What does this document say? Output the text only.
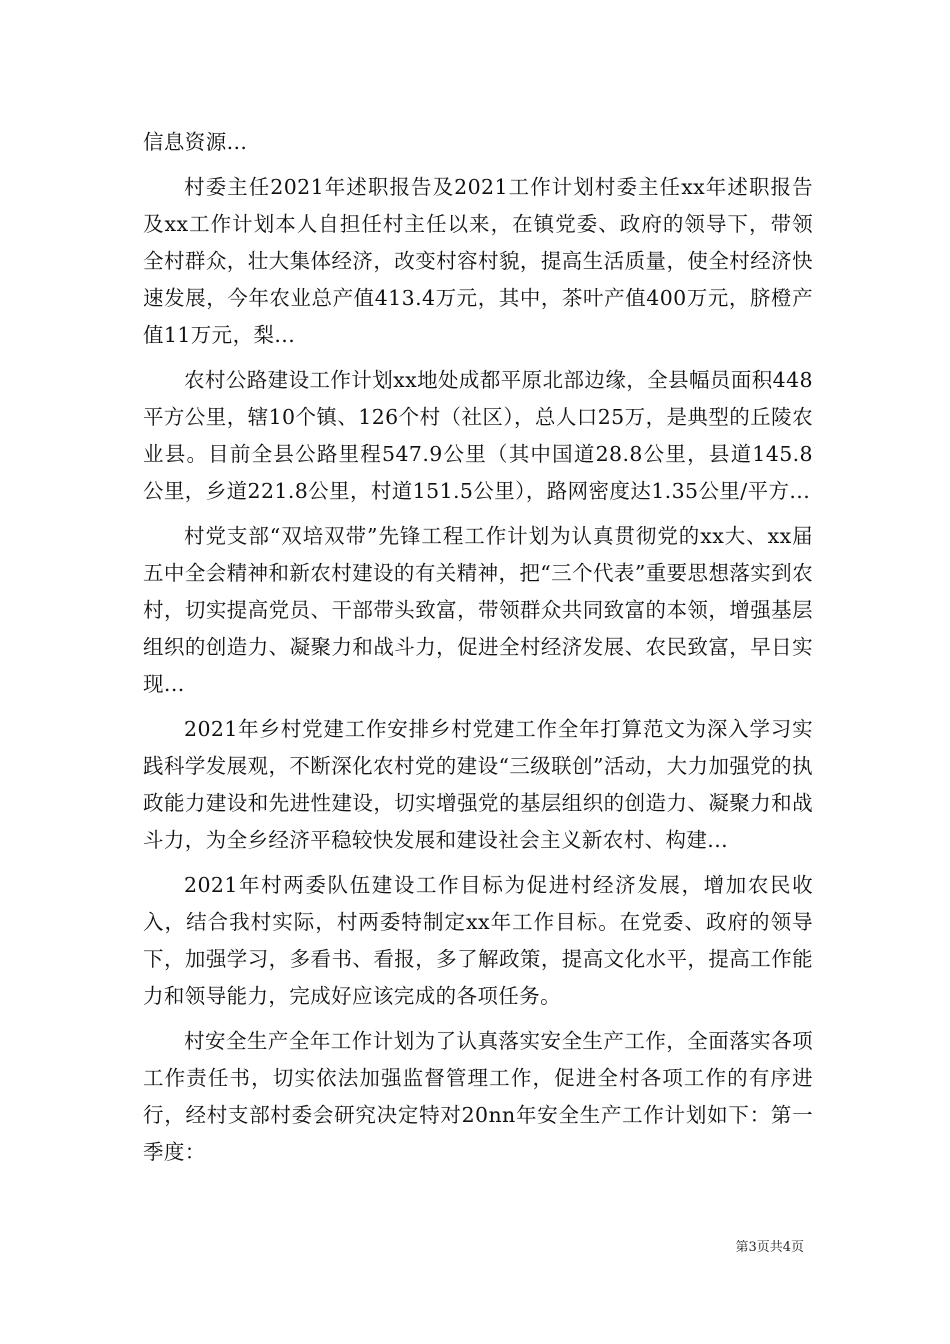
信息资源...

村委主任2021年述职报告及2021工作计划村委主任xx年述职报告及xx工作计划本人自担任村主任以来，在镇党委、政府的领导下，带领全村群众，壮大集体经济，改变村容村貌，提高生活质量，使全村经济快速发展，今年农业总产值413.4万元，其中，茶叶产值400万元，脐橙产值11万元，梨...

农村公路建设工作计划xx地处成都平原北部边缘，全县幅员面积448平方公里，辖10个镇、126个村（社区），总人口25万，是典型的丘陵农业县。目前全县公路里程547.9公里（其中国道28.8公里，县道145.8公里，乡道221.8公里，村道151.5公里），路网密度达1.35公里/平方...

村党支部“双培双带”先锋工程工作计划为认真贯彻党的xx大、xx届五中全会精神和新农村建设的有关精神，把“三个代表”重要思想落实到农村，切实提高党员、干部带头致富，带领群众共同致富的本领，增强基层组织的创造力、凝聚力和战斗力，促进全村经济发展、农民致富，早日实现...

2021年乡村党建工作安排乡村党建工作全年打算范文为深入学习实践科学发展观，不断深化农村党的建设“三级联创”活动，大力加强党的执政能力建设和先进性建设，切实增强党的基层组织的创造力、凝聚力和战斗力，为全乡经济平稳较快发展和建设社会主义新农村、构建...

2021年村两委队伍建设工作目标为促进村经济发展，增加农民收入，结合我村实际，村两委特制定xx年工作目标。在党委、政府的领导下，加强学习，多看书、看报，多了解政策，提高文化水平，提高工作能力和领导能力，完成好应该完成的各项任务。

村安全生产全年工作计划为了认真落实安全生产工作，全面落实各项工作责任书，切实依法加强监督管理工作，促进全村各项工作的有序进行，经村支部村委会研究决定特对20nn年安全生产工作计划如下：第一季度：

第3页共4页
